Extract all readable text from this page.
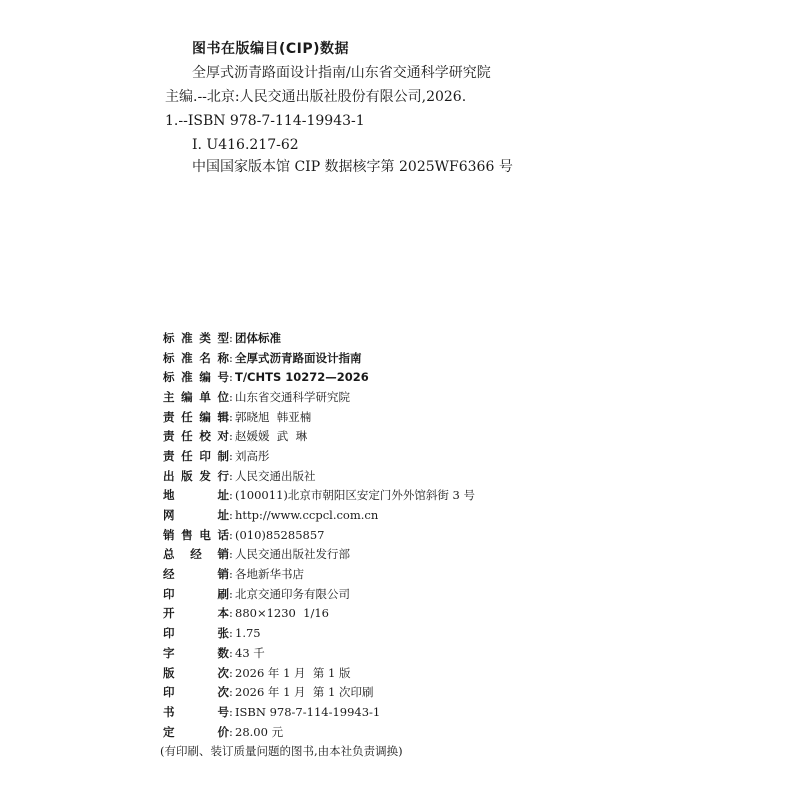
图书在版编目(CIP)数据
全厚式沥青路面设计指南/山东省交通科学研究院
主编.--北京:人民交通出版社股份有限公司,2026.
1.--ISBN 978-7-114-19943-1
Ⅰ. U416.217-62
中国国家版本馆 CIP 数据核字第 2025WF6366 号
标 准 类 型 : 团体标准
标 准 名 称 : 全厚式沥青路面设计指南
标 准 编 号 : T/CHTS 10272—2026
主 编 单 位 : 山东省交通科学研究院
责 任 编 辑 : 郭晓旭  韩亚楠
责 任 校 对 : 赵媛媛  武  琳
责 任 印 制 : 刘高彤
出 版 发 行 : 人民交通出版社
地	址 : (100011)北京市朝阳区安定门外外馆斜街 3 号
网	址 : http://www.ccpcl.com.cn
销 售 电 话 : (010)85285857
总 经 销 : 人民交通出版社发行部
经	销 : 各地新华书店
印	刷 : 北京交通印务有限公司
开	本 : 880×1230  1/16
印	张 : 1.75
字	数 : 43 千
版	次 : 2026 年 1 月  第 1 版
印	次 : 2026 年 1 月  第 1 次印刷
书	号 : ISBN 978-7-114-19943-1
定	价 : 28.00 元
(有印刷、装订质量问题的图书,由本社负责调换)
